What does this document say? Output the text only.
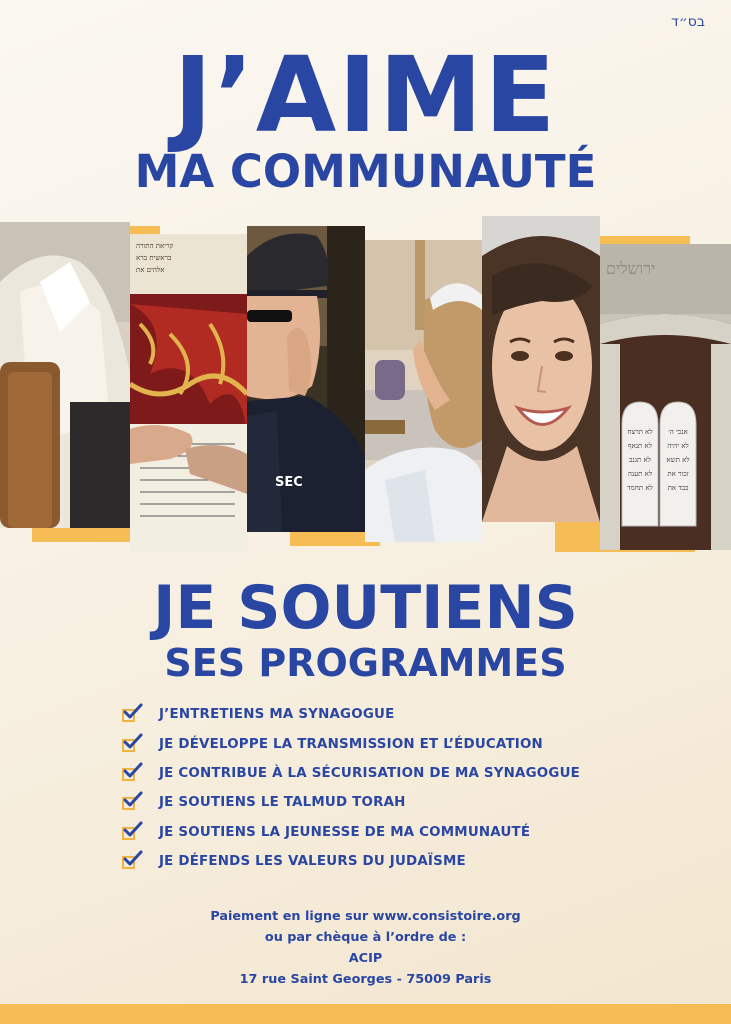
בס״ד
J’AIME
MA COMMUNAUTÉ
קריאת התורה
בראשית ברא
אלהים את
SEC
ירושלים
לא תרצח
לא תנאף
לא תגנב
לא תענה
לא תחמד
אנכי ה׳
לא יהיה
לא תשא
זכור את
כבד את
JE SOUTIENS
SES PROGRAMMES
J’ENTRETIENS MA SYNAGOGUE
JE DÉVELOPPE LA TRANSMISSION ET L’ÉDUCATION
JE CONTRIBUE À LA SÉCURISATION DE MA SYNAGOGUE
JE SOUTIENS LE TALMUD TORAH
JE SOUTIENS LA JEUNESSE DE MA COMMUNAUTÉ
JE DÉFENDS LES VALEURS DU JUDAÏSME
Paiement en ligne sur www.consistoire.org
ou par chèque à l’ordre de :
ACIP
17 rue Saint Georges - 75009 Paris
